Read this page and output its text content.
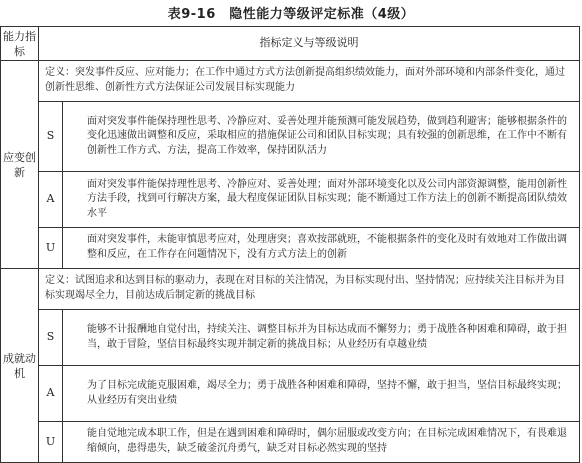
表9-16　隐性能力等级评定标准（4级）
能力指标	指标定义与等级说明	
应变创新	定义：突发事件反应、应对能力；在工作中通过方式方法创新提高组织绩效能力，面对外部环境和内部条件变化，通过创新性思维、创新性方式方法保证公司发展目标实现能力	
	S	面对突发事件能保持理性思考、冷静应对、妥善处理并能预测可能发展趋势，做到趋利避害；能够根据条件的变化迅速做出调整和反应，采取相应的措施保证公司和团队目标实现；具有较强的创新思维，在工作中不断有创新性工作方式、方法，提高工作效率，保持团队活力
	A	面对突发事件能保持理性思考、冷静应对、妥善处理；面对外部环境变化以及公司内部资源调整，能用创新性方法手段，找到可行解决方案，最大程度保证团队目标实现；能不断通过工作方法上的创新不断提高团队绩效水平
	U	面对突发事件，未能审慎思考应对，处理唐突；喜欢按部就班，不能根据条件的变化及时有效地对工作做出调整和反应，在工作存在问题情况下，没有方式方法上的创新
成就动机	定义：试图追求和达到目标的驱动力，表现在对目标的关注情况，为目标实现付出、坚持情况；应持续关注目标并为目标实现竭尽全力，目前达成后制定新的挑战目标	
	S	能够不计报酬地自觉付出，持续关注、调整目标并为目标达成而不懈努力；勇于战胜各种困难和障碍，敢于担当，敢于冒险，坚信目标最终实现并制定新的挑战目标；从业经历有卓越业绩
	A	为了目标完成能克服困难，竭尽全力；勇于战胜各种困难和障碍，坚持不懈，敢于担当，坚信目标最终实现；从业经历有突出业绩
	U	能自觉地完成本职工作，但是在遇到困难和障碍时，偶尔屈服或改变方向；在目标完成困难情况下，有畏难退缩倾向，患得患失，缺乏破釜沉舟勇气，缺乏对目标必然实现的坚持
